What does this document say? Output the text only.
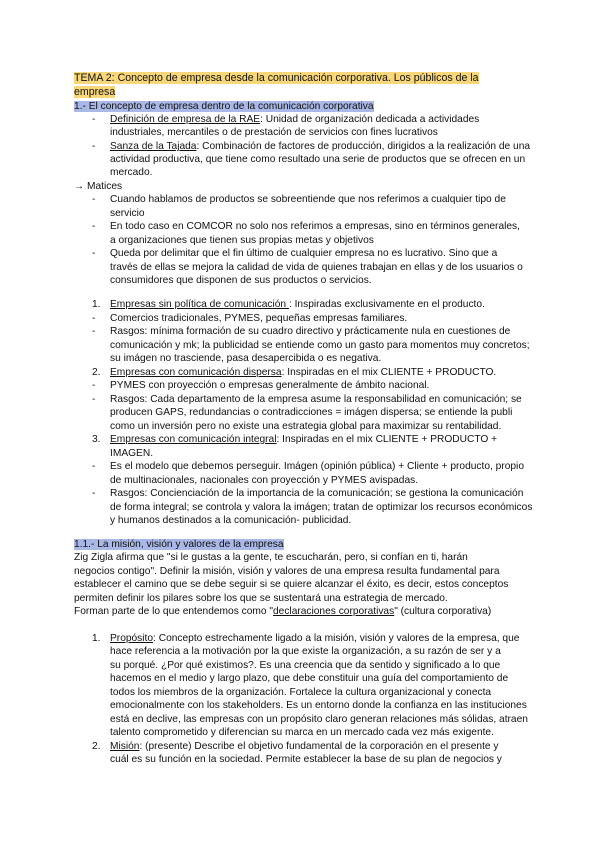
TEMA 2: Concepto de empresa desde la comunicación corporativa. Los públicos de la
empresa
1.- El concepto de empresa dentro de la comunicación corporativa
- Definición de empresa de la RAE: Unidad de organización dedicada a actividades
industriales, mercantiles o de prestación de servicios con fines lucrativos
- Sanza de la Tajada: Combinación de factores de producción, dirigidos a la realización de una
actividad productiva, que tiene como resultado una serie de productos que se ofrecen en un
mercado.
→ Matices
- Cuando hablamos de productos se sobreentiende que nos referimos a cualquier tipo de
servicio
- En todo caso en COMCOR no solo nos referimos a empresas, sino en términos generales,
a organizaciones que tienen sus propias metas y objetivos
- Queda por delimitar que el fin último de cualquier empresa no es lucrativo. Sino que a
través de ellas se mejora la calidad de vida de quienes trabajan en ellas y de los usuarios o
consumidores que disponen de sus productos o servicios.
1. Empresas sin política de comunicación : Inspiradas exclusivamente en el producto.
- Comercios tradicionales, PYMES, pequeñas empresas familiares.
- Rasgos: mínima formación de su cuadro directivo y prácticamente nula en cuestiones de
comunicación y mk; la publicidad se entiende como un gasto para momentos muy concretos;
su imágen no trasciende, pasa desapercibida o es negativa.
2. Empresas con comunicación dispersa: Inspiradas en el mix CLIENTE + PRODUCTO.
- PYMES con proyección o empresas generalmente de ámbito nacional.
- Rasgos: Cada departamento de la empresa asume la responsabilidad en comunicación; se
producen GAPS, redundancias o contradicciones = imágen dispersa; se entiende la publi
como un inversión pero no existe una estrategia global para maximizar su rentabilidad.
3. Empresas con comunicación integral: Inspiradas en el mix CLIENTE + PRODUCTO +
IMAGEN.
- Es el modelo que debemos perseguir. Imágen (opinión pública) + Cliente + producto, propio
de multinacionales, nacionales con proyección y PYMES avispadas.
- Rasgos: Concienciación de la importancia de la comunicación; se gestiona la comunicación
de forma integral; se controla y valora la imágen; tratan de optimizar los recursos económicos
y humanos destinados a la comunicación- publicidad.
1.1.- La misión, visión y valores de la empresa
Zig Zigla afirma que "si le gustas a la gente, te escucharán, pero, si confían en ti, harán
negocios contigo". Definir la misión, visión y valores de una empresa resulta fundamental para
establecer el camino que se debe seguir si se quiere alcanzar el éxito, es decir, estos conceptos
permiten definir los pilares sobre los que se sustentará una estrategia de mercado.
Forman parte de lo que entendemos como "declaraciones corporativas" (cultura corporativa)
1. Propósito: Concepto estrechamente ligado a la misión, visión y valores de la empresa, que
hace referencia a la motivación por la que existe la organización, a su razón de ser y a
su porqué. ¿Por qué existimos?. Es una creencia que da sentido y significado a lo que
hacemos en el medio y largo plazo, que debe constituir una guía del comportamiento de
todos los miembros de la organización. Fortalece la cultura organizacional y conecta
emocionalmente con los stakeholders. Es un entorno donde la confianza en las instituciones
está en declive, las empresas con un propósito claro generan relaciones más sólidas, atraen
talento comprometido y diferencian su marca en un mercado cada vez más exigente.
2. Misión: (presente) Describe el objetivo fundamental de la corporación en el presente y
cuál es su función en la sociedad. Permite establecer la base de su plan de negocios y
